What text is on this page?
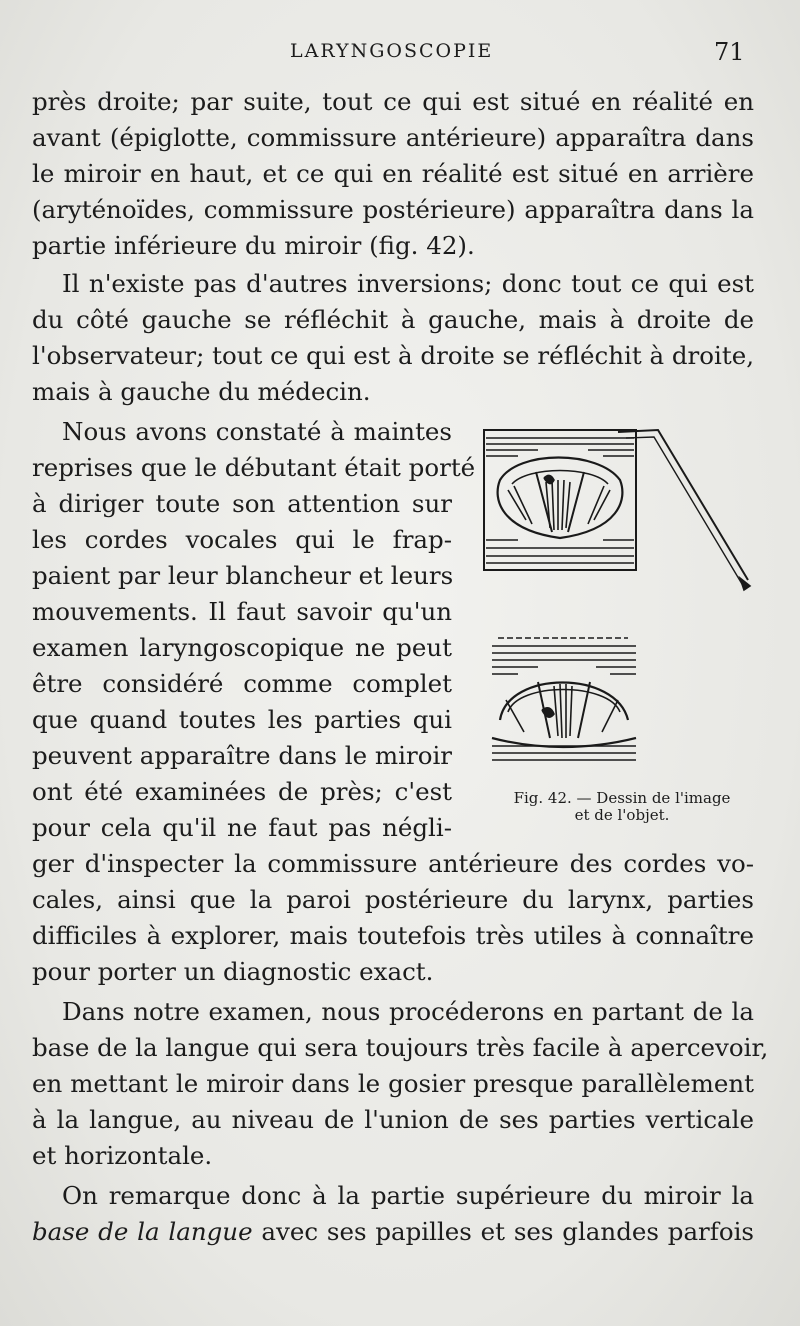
LARYNGOSCOPIE	71
près droite; par suite, tout ce qui est situé en réalité en
avant (épiglotte, commissure antérieure) apparaîtra dans
le miroir en haut, et ce qui en réalité est situé en arrière
(aryténoïdes, commissure postérieure) apparaîtra dans la
partie inférieure du miroir (fig. 42).
Il n'existe pas d'autres inversions; donc tout ce qui est
du côté gauche se réfléchit à gauche, mais à droite de
l'observateur; tout ce qui est à droite se réfléchit à droite,
mais à gauche du médecin.
Nous avons constaté à maintes
reprises que le débutant était porté
à diriger toute son attention sur
les cordes vocales qui le frap-
paient par leur blancheur et leurs
mouvements. Il faut savoir qu'un
examen laryngoscopique ne peut
être considéré comme complet
que quand toutes les parties qui
peuvent apparaître dans le miroir
ont été examinées de près; c'est
pour cela qu'il ne faut pas négli-
ger d'inspecter la commissure antérieure des cordes vo-
cales, ainsi que la paroi postérieure du larynx, parties
difficiles à explorer, mais toutefois très utiles à connaître
pour porter un diagnostic exact.
Dans notre examen, nous procéderons en partant de la
base de la langue qui sera toujours très facile à apercevoir,
en mettant le miroir dans le gosier presque parallèlement
à la langue, au niveau de l'union de ses parties verticale
et horizontale.
On remarque donc à la partie supérieure du miroir la
base de la langue avec ses papilles et ses glandes parfois
Fig. 42. — Dessin de l'image
et de l'objet.
